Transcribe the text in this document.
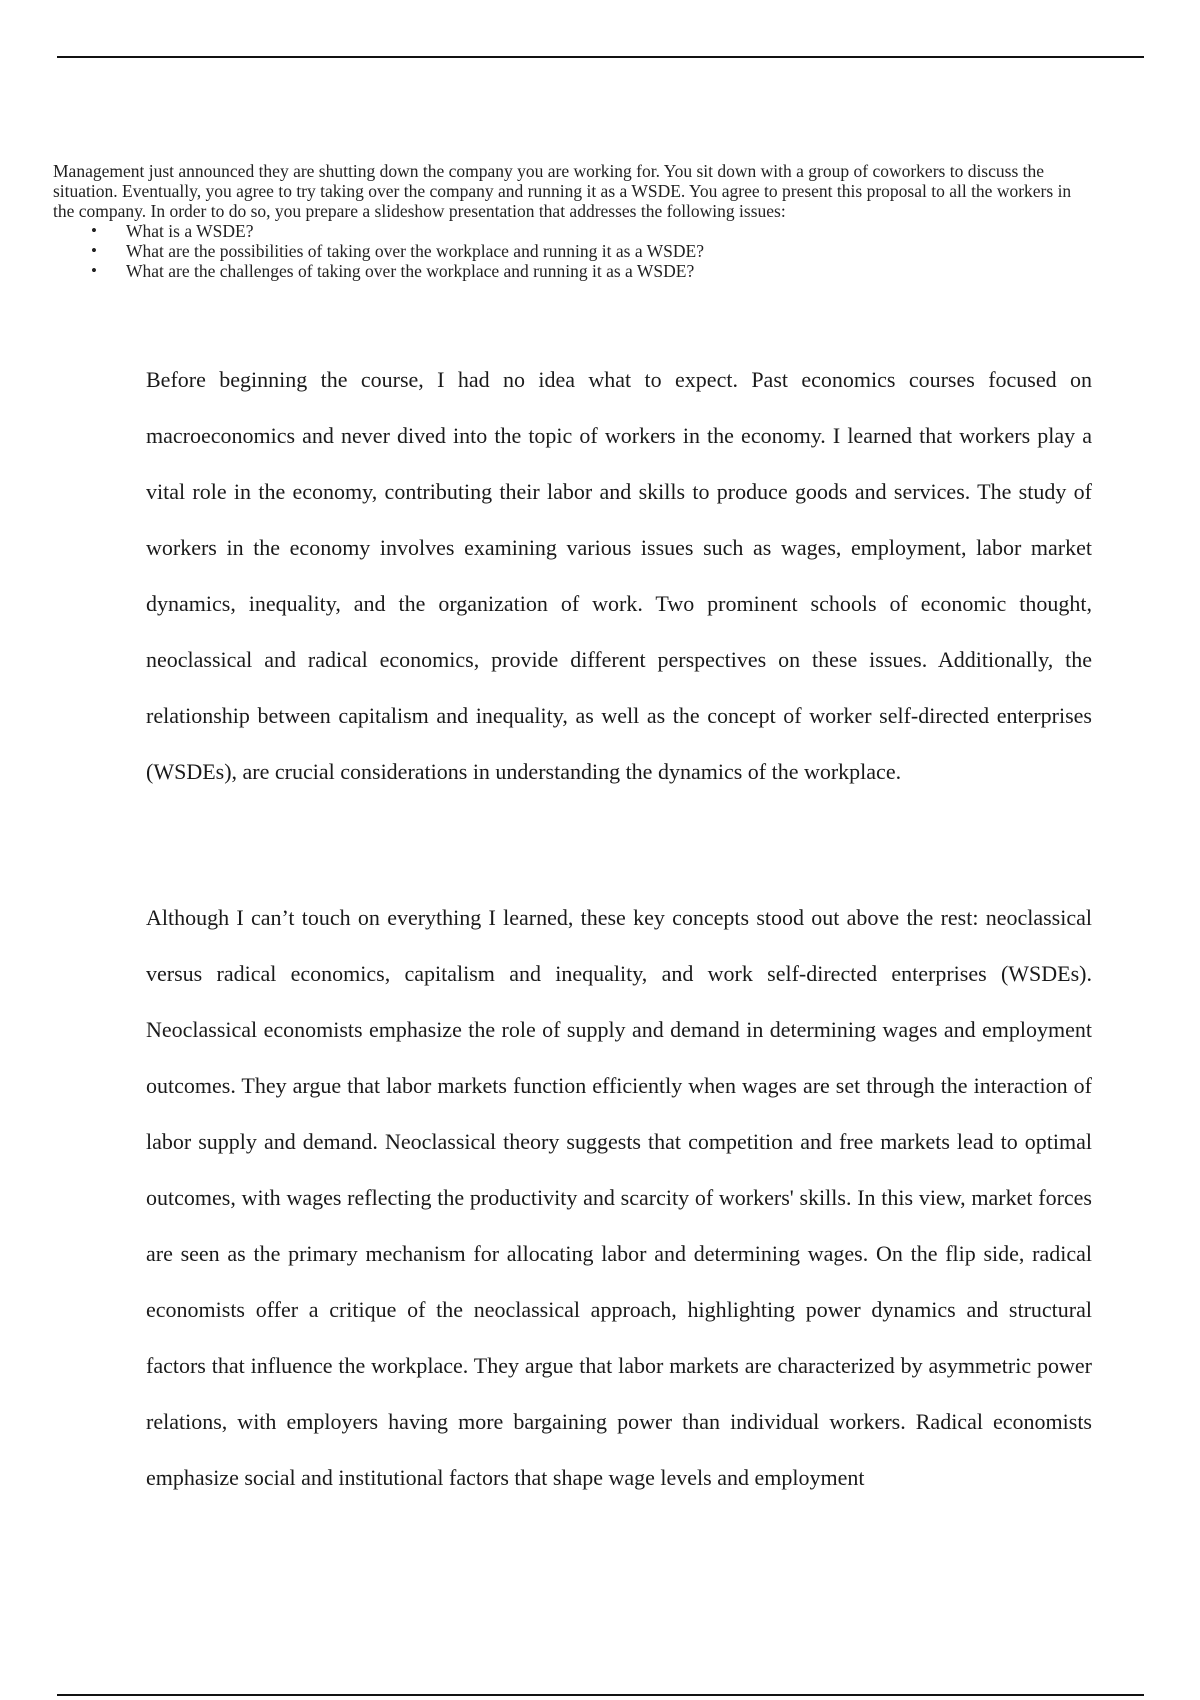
Management just announced they are shutting down the company you are working for. You sit down with a group of coworkers to discuss the situation. Eventually, you agree to try taking over the company and running it as a WSDE. You agree to present this proposal to all the workers in the company. In order to do so, you prepare a slideshow presentation that addresses the following issues:

• What is a WSDE?
• What are the possibilities of taking over the workplace and running it as a WSDE?
• What are the challenges of taking over the workplace and running it as a WSDE?

Before beginning the course, I had no idea what to expect. Past economics courses focused on macroeconomics and never dived into the topic of workers in the economy. I learned that workers play a vital role in the economy, contributing their labor and skills to produce goods and services. The study of workers in the economy involves examining various issues such as wages, employment, labor market dynamics, inequality, and the organization of work. Two prominent schools of economic thought, neoclassical and radical economics, provide different perspectives on these issues. Additionally, the relationship between capitalism and inequality, as well as the concept of worker self-directed enterprises (WSDEs), are crucial considerations in understanding the dynamics of the workplace.

Although I can’t touch on everything I learned, these key concepts stood out above the rest: neoclassical versus radical economics, capitalism and inequality, and work self-directed enterprises (WSDEs). Neoclassical economists emphasize the role of supply and demand in determining wages and employment outcomes. They argue that labor markets function efficiently when wages are set through the interaction of labor supply and demand. Neoclassical theory suggests that competition and free markets lead to optimal outcomes, with wages reflecting the productivity and scarcity of workers' skills. In this view, market forces are seen as the primary mechanism for allocating labor and determining wages. On the flip side, radical economists offer a critique of the neoclassical approach, highlighting power dynamics and structural factors that influence the workplace. They argue that labor markets are characterized by asymmetric power relations, with employers having more bargaining power than individual workers. Radical economists emphasize social and institutional factors that shape wage levels and employment
